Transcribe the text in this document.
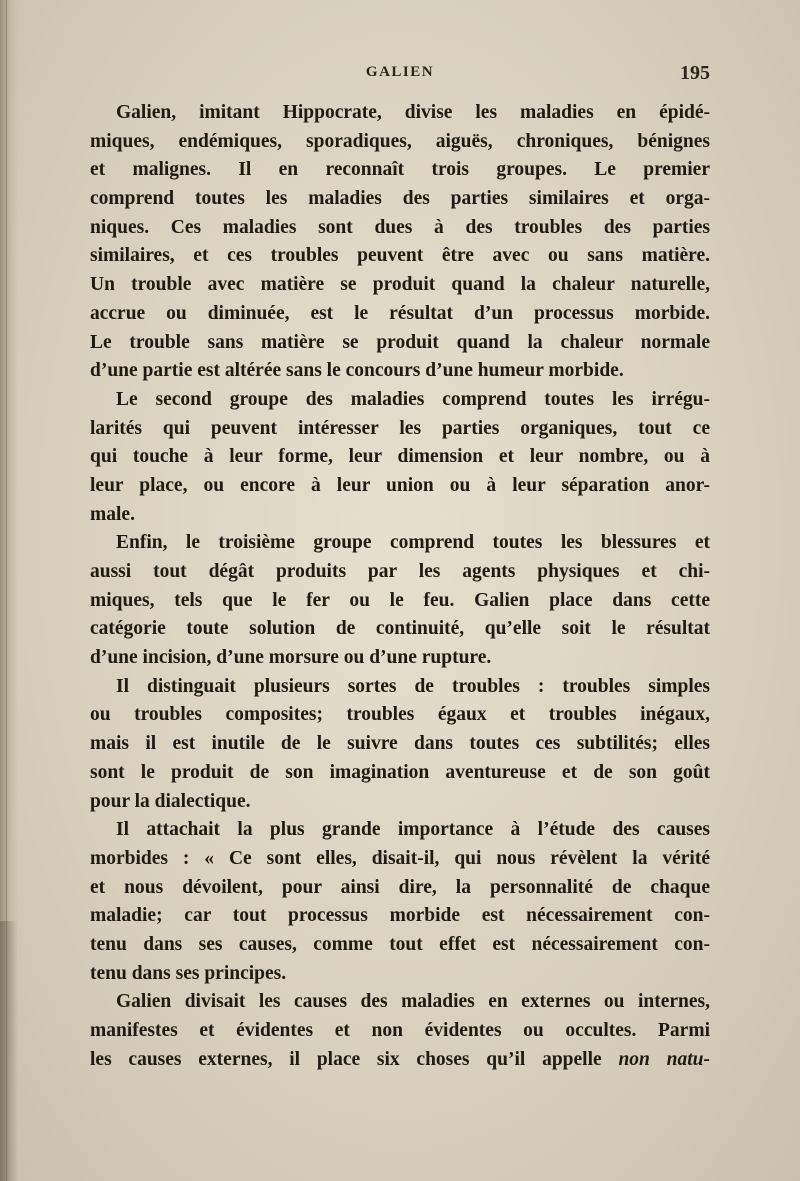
GALIEN	195
Galien, imitant Hippocrate, divise les maladies en épidé-
miques, endémiques, sporadiques, aiguës, chroniques, bénignes
et malignes. Il en reconnaît trois groupes. Le premier
comprend toutes les maladies des parties similaires et orga-
niques. Ces maladies sont dues à des troubles des parties
similaires, et ces troubles peuvent être avec ou sans matière.
Un trouble avec matière se produit quand la chaleur naturelle,
accrue ou diminuée, est le résultat d’un processus morbide.
Le trouble sans matière se produit quand la chaleur normale
d’une partie est altérée sans le concours d’une humeur morbide.
Le second groupe des maladies comprend toutes les irrégu-
larités qui peuvent intéresser les parties organiques, tout ce
qui touche à leur forme, leur dimension et leur nombre, ou à
leur place, ou encore à leur union ou à leur séparation anor-
male.
Enfin, le troisième groupe comprend toutes les blessures et
aussi tout dégât produits par les agents physiques et chi-
miques, tels que le fer ou le feu. Galien place dans cette
catégorie toute solution de continuité, qu’elle soit le résultat
d’une incision, d’une morsure ou d’une rupture.
Il distinguait plusieurs sortes de troubles : troubles simples
ou troubles composites; troubles égaux et troubles inégaux,
mais il est inutile de le suivre dans toutes ces subtilités; elles
sont le produit de son imagination aventureuse et de son goût
pour la dialectique.
Il attachait la plus grande importance à l’étude des causes
morbides : « Ce sont elles, disait-il, qui nous révèlent la vérité
et nous dévoilent, pour ainsi dire, la personnalité de chaque
maladie; car tout processus morbide est nécessairement con-
tenu dans ses causes, comme tout effet est nécessairement con-
tenu dans ses principes.
Galien divisait les causes des maladies en externes ou internes,
manifestes et évidentes et non évidentes ou occultes. Parmi
les causes externes, il place six choses qu’il appelle non natu-
